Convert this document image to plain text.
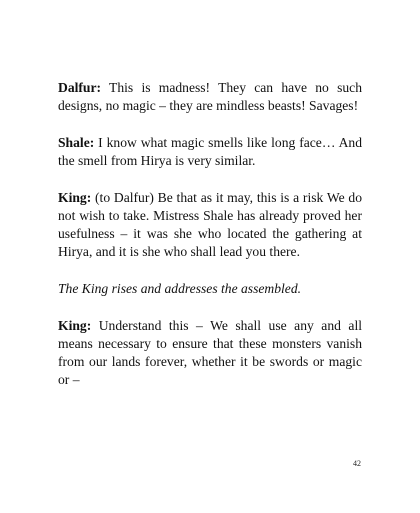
Dalfur: This is madness! They can have no such designs, no magic – they are mindless beasts! Savages!

Shale: I know what magic smells like long face… And the smell from Hirya is very similar.

King: (to Dalfur) Be that as it may, this is a risk We do not wish to take. Mistress Shale has already proved her usefulness – it was she who located the gathering at Hirya, and it is she who shall lead you there.

The King rises and addresses the assembled.

King: Understand this – We shall use any and all means necessary to ensure that these monsters vanish from our lands forever, whether it be swords or magic or –

42
